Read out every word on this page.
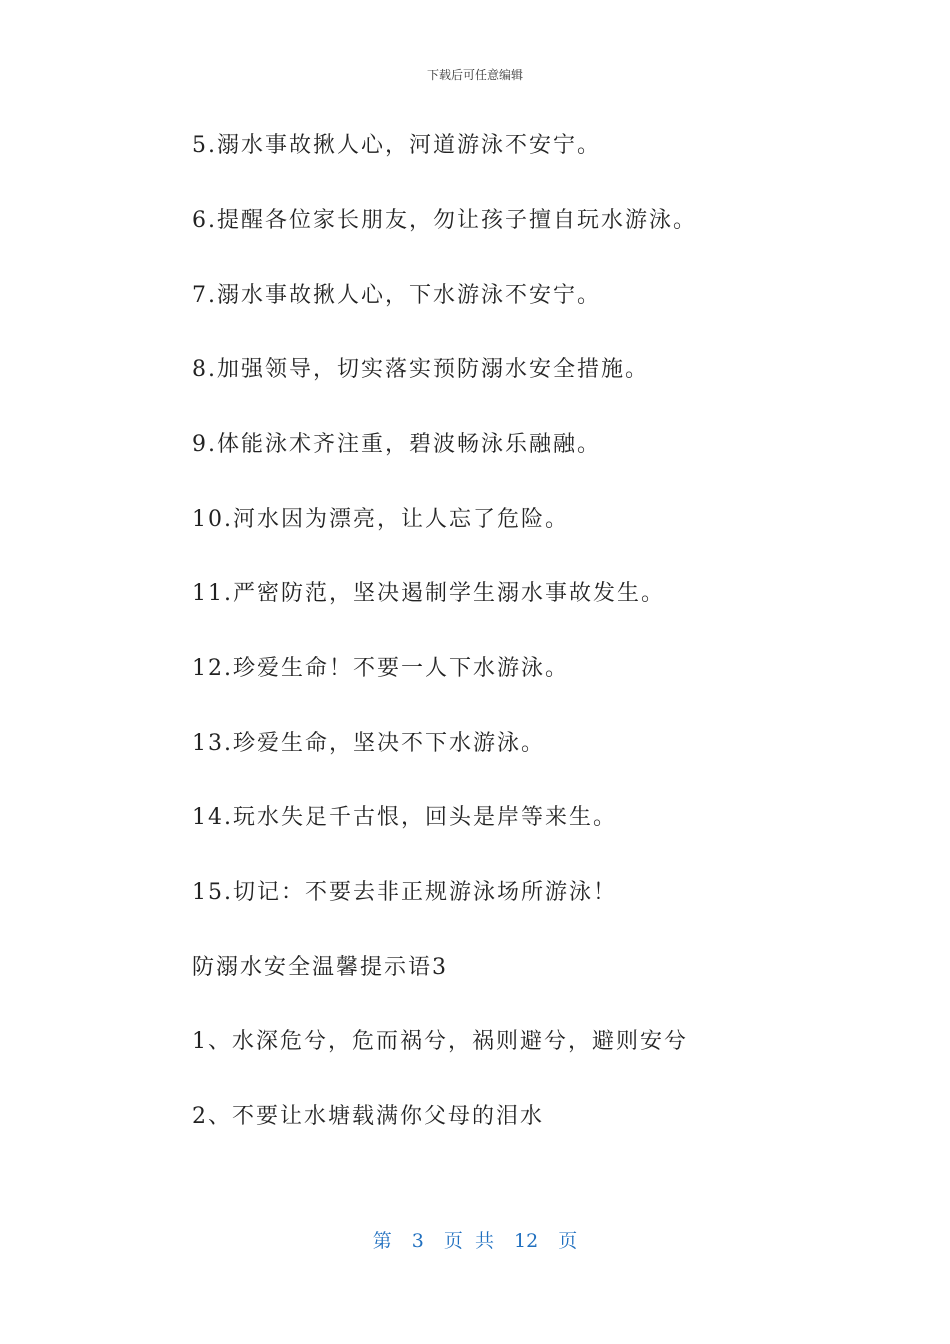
下载后可任意编辑
5.溺水事故揪人心，河道游泳不安宁。
6.提醒各位家长朋友，勿让孩子擅自玩水游泳。
7.溺水事故揪人心，下水游泳不安宁。
8.加强领导，切实落实预防溺水安全措施。
9.体能泳术齐注重，碧波畅泳乐融融。
10.河水因为漂亮，让人忘了危险。
11.严密防范，坚决遏制学生溺水事故发生。
12.珍爱生命！不要一人下水游泳。
13.珍爱生命，坚决不下水游泳。
14.玩水失足千古恨，回头是岸等来生。
15.切记：不要去非正规游泳场所游泳！
防溺水安全温馨提示语3
1、水深危兮，危而祸兮，祸则避兮，避则安兮
2、不要让水塘载满你父母的泪水
第 3 页 共 12 页
